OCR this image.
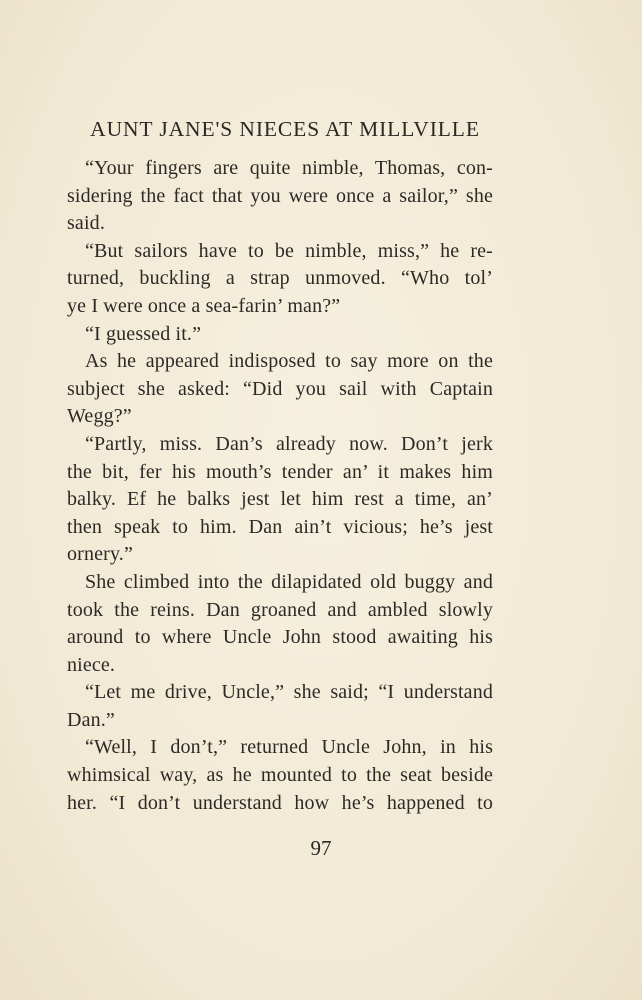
AUNT JANE'S NIECES AT MILLVILLE
“Your fingers are quite nimble, Thomas, con-
sidering the fact that you were once a sailor,” she
said.
“But sailors have to be nimble, miss,” he re-
turned, buckling a strap unmoved. “Who tol’
ye I were once a sea-farin’ man?”
“I guessed it.”
As he appeared indisposed to say more on the
subject she asked: “Did you sail with Captain
Wegg?”
“Partly, miss. Dan’s already now. Don’t jerk
the bit, fer his mouth’s tender an’ it makes him
balky. Ef he balks jest let him rest a time, an’
then speak to him. Dan ain’t vicious; he’s jest
ornery.”
She climbed into the dilapidated old buggy and
took the reins. Dan groaned and ambled slowly
around to where Uncle John stood awaiting his
niece.
“Let me drive, Uncle,” she said; “I understand
Dan.”
“Well, I don’t,” returned Uncle John, in his
whimsical way, as he mounted to the seat beside
her. “I don’t understand how he’s happened to
97
